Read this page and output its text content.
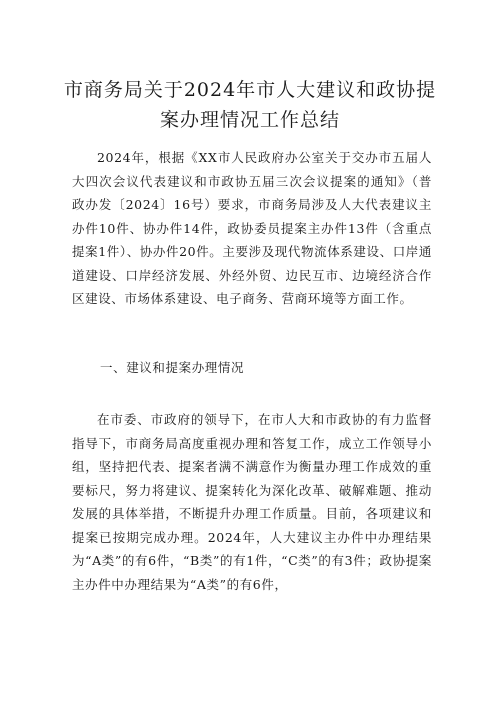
市商务局关于2024年市人大建议和政协提
案办理情况工作总结

2024年，根据《XX市人民政府办公室关于交办市五届人大四次会议代表建议和市政协五届三次会议提案的通知》（普政办发〔2024〕16号）要求，市商务局涉及人大代表建议主办件10件、协办件14件，政协委员提案主办件13件（含重点提案1件）、协办件20件。主要涉及现代物流体系建设、口岸通道建设、口岸经济发展、外经外贸、边民互市、边境经济合作区建设、市场体系建设、电子商务、营商环境等方面工作。

一、建议和提案办理情况

在市委、市政府的领导下，在市人大和市政协的有力监督指导下，市商务局高度重视办理和答复工作，成立工作领导小组，坚持把代表、提案者满不满意作为衡量办理工作成效的重要标尺，努力将建议、提案转化为深化改革、破解难题、推动发展的具体举措，不断提升办理工作质量。目前，各项建议和提案已按期完成办理。2024年，人大建议主办件中办理结果为“A类”的有6件，“B类”的有1件，“C类”的有3件；政协提案主办件中办理结果为“A类”的有6件，
